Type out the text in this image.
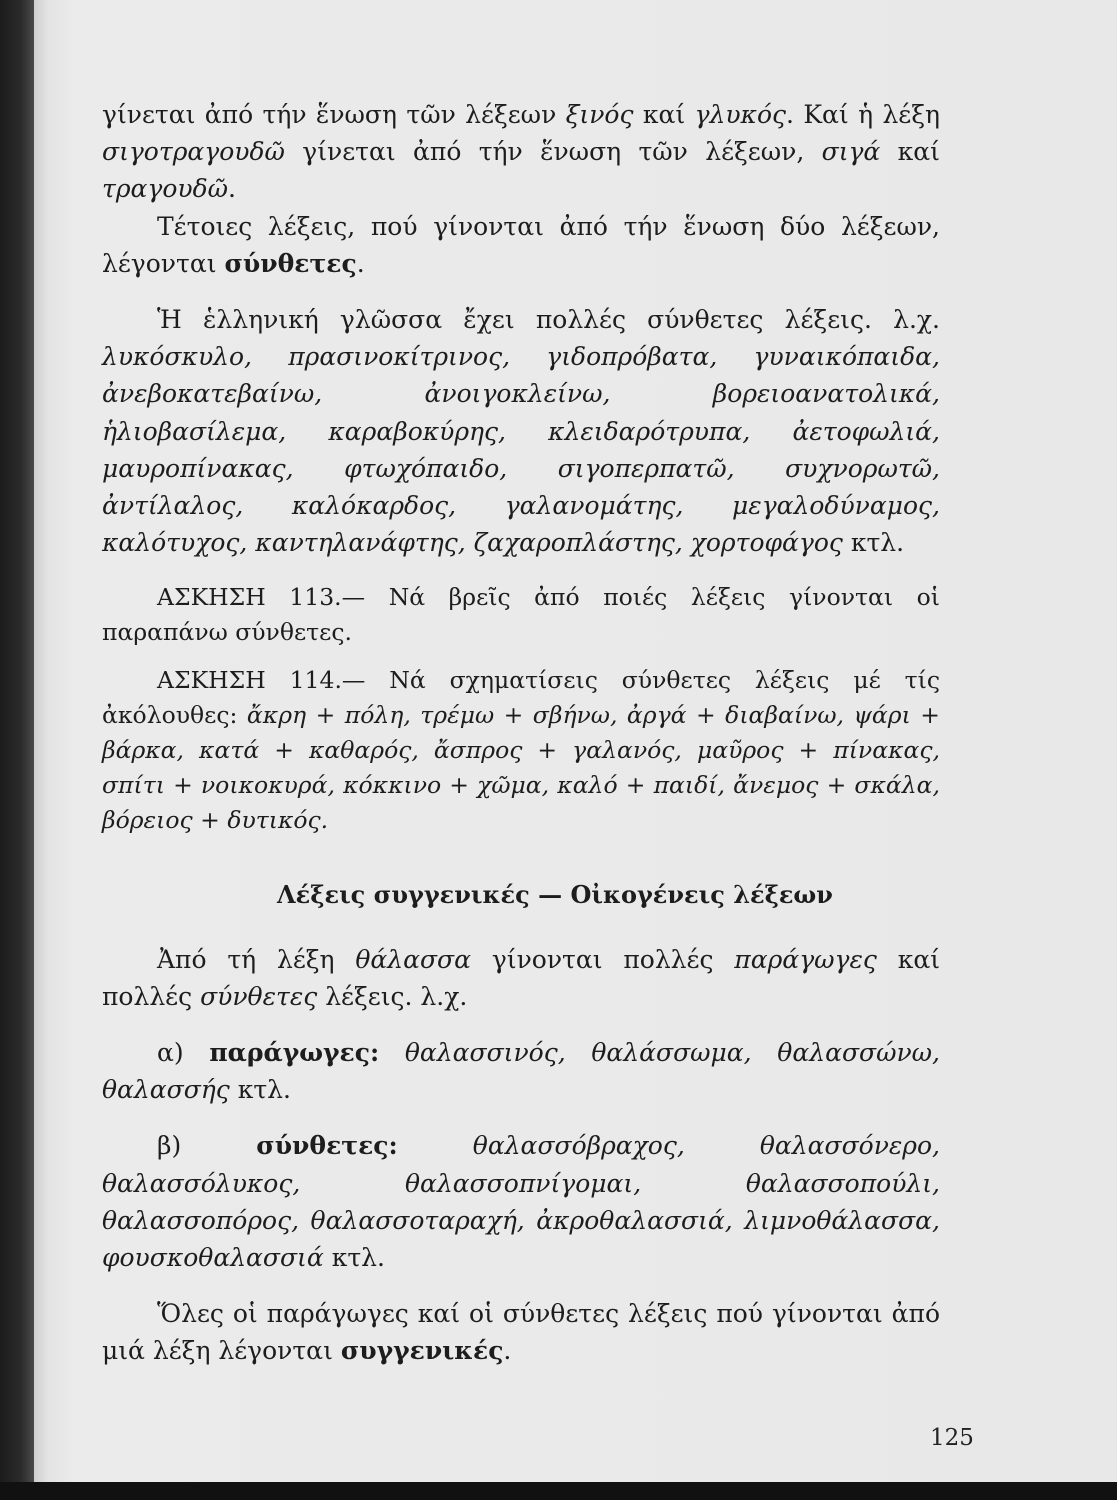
γίνεται ἀπό τήν ἕνωση τῶν λέξεων ξινός καί γλυκός. Καί ἡ λέξη σιγοτραγουδῶ γίνεται ἀπό τήν ἕνωση τῶν λέξεων, σιγά καί τραγουδῶ.

Τέτοιες λέξεις, πού γίνονται ἀπό τήν ἕνωση δύο λέξεων, λέγονται σύνθετες.

Ἡ ἑλληνική γλῶσσα ἔχει πολλές σύνθετες λέξεις. λ.χ. λυκόσκυλο, πρασινοκίτρινος, γιδοπρόβατα, γυναικόπαιδα, ἀνεβοκατεβαίνω, ἀνοιγοκλείνω, βορειοανατολικά, ἡλιοβασίλεμα, καραβοκύρης, κλειδαρότρυπα, ἀετοφωλιά, μαυροπίνακας, φτωχόπαιδο, σιγοπερπατῶ, συχνορωτῶ, ἀντίλαλος, καλόκαρδος, γαλανομάτης, μεγαλοδύναμος, καλότυχος, καντηλανάφτης, ζαχαροπλάστης, χορτοφάγος κτλ.

ΑΣΚΗΣΗ 113.— Νά βρεῖς ἀπό ποιές λέξεις γίνονται οἱ παραπάνω σύνθετες.

ΑΣΚΗΣΗ 114.— Νά σχηματίσεις σύνθετες λέξεις μέ τίς ἀκόλουθες: ἄκρη + πόλη, τρέμω + σβήνω, ἀργά + διαβαίνω, ψάρι + βάρκα, κατά + καθαρός, ἄσπρος + γαλανός, μαῦρος + πίνακας, σπίτι + νοικοκυρά, κόκκινο + χῶμα, καλό + παιδί, ἄνεμος + σκάλα, βόρειος + δυτικός.

Λέξεις συγγενικές — Οἰκογένεις λέξεων

Ἀπό τή λέξη θάλασσα γίνονται πολλές παράγωγες καί πολλές σύνθετες λέξεις. λ.χ.

α) παράγωγες: θαλασσινός, θαλάσσωμα, θαλασσώνω, θαλασσής κτλ.

β) σύνθετες: θαλασσόβραχος, θαλασσόνερο, θαλασσόλυκος, θαλασσοπνίγομαι, θαλασσοπούλι, θαλασσοπόρος, θαλασσοταραχή, ἀκροθαλασσιά, λιμνοθάλασσα, φουσκοθαλασσιά κτλ.

Ὅλες οἱ παράγωγες καί οἱ σύνθετες λέξεις πού γίνονται ἀπό μιά λέξη λέγονται συγγενικές.

125
